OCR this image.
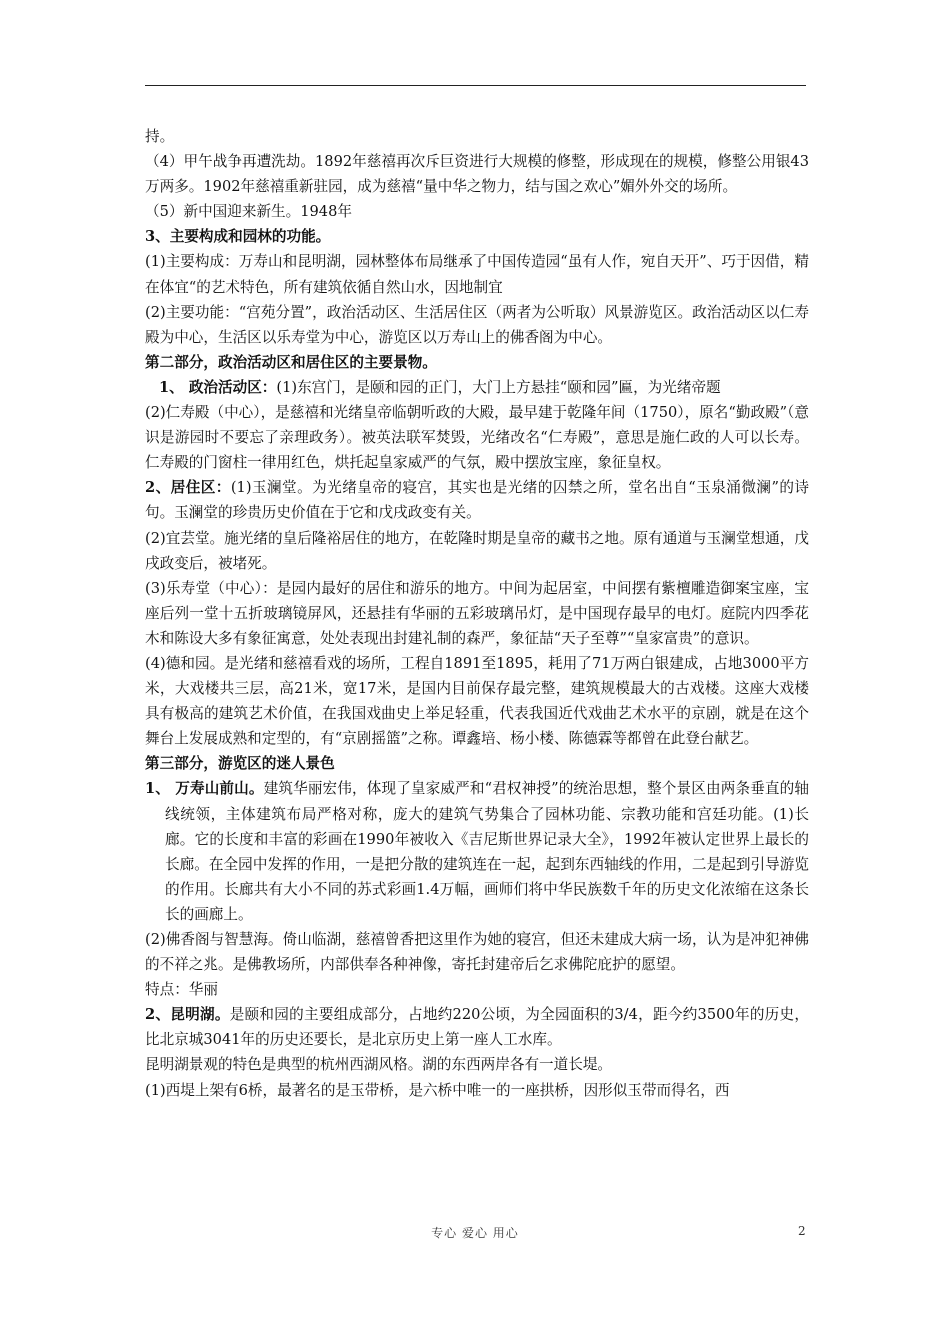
持。

（4）甲午战争再遭洗劫。1892年慈禧再次斥巨资进行大规模的修整，形成现在的规模，修整公用银43万两多。1902年慈禧重新驻园，成为慈禧“量中华之物力，结与国之欢心”媚外外交的场所。

（5）新中国迎来新生。1948年

3、主要构成和园林的功能。

(1)主要构成：万寿山和昆明湖，园林整体布局继承了中国传造园“虽有人作，宛自天开”、巧于因借，精在体宜“的艺术特色，所有建筑依循自然山水，因地制宜

(2)主要功能：“宫苑分置”，政治活动区、生活居住区（两者为公听取）风景游览区。政治活动区以仁寿殿为中心，生活区以乐寿堂为中心，游览区以万寿山上的佛香阁为中心。

第二部分，政治活动区和居住区的主要景物。

1、 政治活动区：(1)东宫门，是颐和园的正门，大门上方悬挂“颐和园”匾，为光绪帝题

(2)仁寿殿（中心），是慈禧和光绪皇帝临朝听政的大殿，最早建于乾隆年间（1750），原名“勤政殿”（意识是游园时不要忘了亲理政务）。被英法联军焚毁，光绪改名“仁寿殿”，意思是施仁政的人可以长寿。仁寿殿的门窗柱一律用红色，烘托起皇家威严的气氛，殿中摆放宝座，象征皇权。

2、居住区：(1)玉澜堂。为光绪皇帝的寝宫，其实也是光绪的囚禁之所，堂名出自“玉泉涌微澜”的诗句。玉澜堂的珍贵历史价值在于它和戊戌政变有关。

(2)宜芸堂。施光绪的皇后隆裕居住的地方，在乾隆时期是皇帝的藏书之地。原有通道与玉澜堂想通，戊戌政变后，被堵死。

(3)乐寿堂（中心）：是园内最好的居住和游乐的地方。中间为起居室，中间摆有紫檀雕造御案宝座，宝座后列一堂十五折玻璃镜屏风，还悬挂有华丽的五彩玻璃吊灯，是中国现存最早的电灯。庭院内四季花木和陈设大多有象征寓意，处处表现出封建礼制的森严，象征喆“天子至尊”“皇家富贵”的意识。

(4)德和园。是光绪和慈禧看戏的场所，工程自1891至1895，耗用了71万两白银建成，占地3000平方米，大戏楼共三层，高21米，宽17米，是国内目前保存最完整，建筑规模最大的古戏楼。这座大戏楼具有极高的建筑艺术价值，在我国戏曲史上举足轻重，代表我国近代戏曲艺术水平的京剧，就是在这个舞台上发展成熟和定型的，有“京剧摇篮”之称。谭鑫培、杨小楼、陈德霖等都曾在此登台献艺。

第三部分，游览区的迷人景色

1、 万寿山前山。建筑华丽宏伟，体现了皇家威严和“君权神授”的统治思想，整个景区由两条垂直的轴线统领，主体建筑布局严格对称，庞大的建筑气势集合了园林功能、宗教功能和宫廷功能。(1)长廊。它的长度和丰富的彩画在1990年被收入《吉尼斯世界记录大全》，1992年被认定世界上最长的长廊。在全园中发挥的作用，一是把分散的建筑连在一起，起到东西轴线的作用，二是起到引导游览的作用。长廊共有大小不同的苏式彩画1.4万幅，画师们将中华民族数千年的历史文化浓缩在这条长长的画廊上。

(2)佛香阁与智慧海。倚山临湖，慈禧曾香把这里作为她的寝宫，但还未建成大病一场，认为是冲犯神佛的不祥之兆。是佛教场所，内部供奉各种神像，寄托封建帝后乞求佛陀庇护的愿望。

特点：华丽

2、昆明湖。是颐和园的主要组成部分，占地约220公顷，为全园面积的3/4，距今约3500年的历史，比北京城3041年的历史还要长，是北京历史上第一座人工水库。

昆明湖景观的特色是典型的杭州西湖风格。湖的东西两岸各有一道长堤。

(1)西堤上架有6桥，最著名的是玉带桥，是六桥中唯一的一座拱桥，因形似玉带而得名，西

专心 爱心 用心	2
